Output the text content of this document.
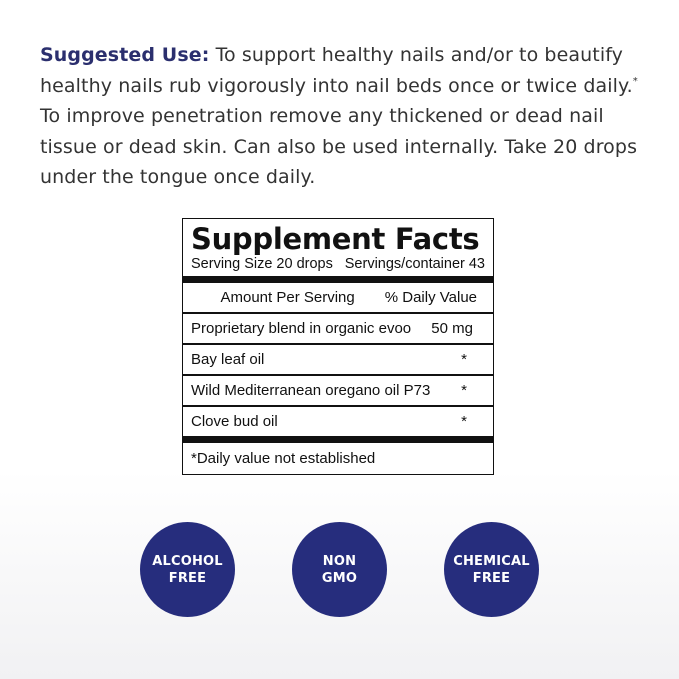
Suggested Use: To support healthy nails and/or to beautify healthy nails rub vigorously into nail beds once or twice daily.* To improve penetration remove any thickened or dead nail tissue or dead skin. Can also be used internally. Take 20 drops under the tongue once daily.
Supplement Facts
Serving Size 20 drops Servings/container 43
Amount Per Serving % Daily Value
Proprietary blend in organic evoo 50 mg
Bay leaf oil	*
Wild Mediterranean oregano oil P73 *
Clove bud oil	*
*Daily value not established
ALCOHOL
FREE
NON
GMO
CHEMICAL
FREE
